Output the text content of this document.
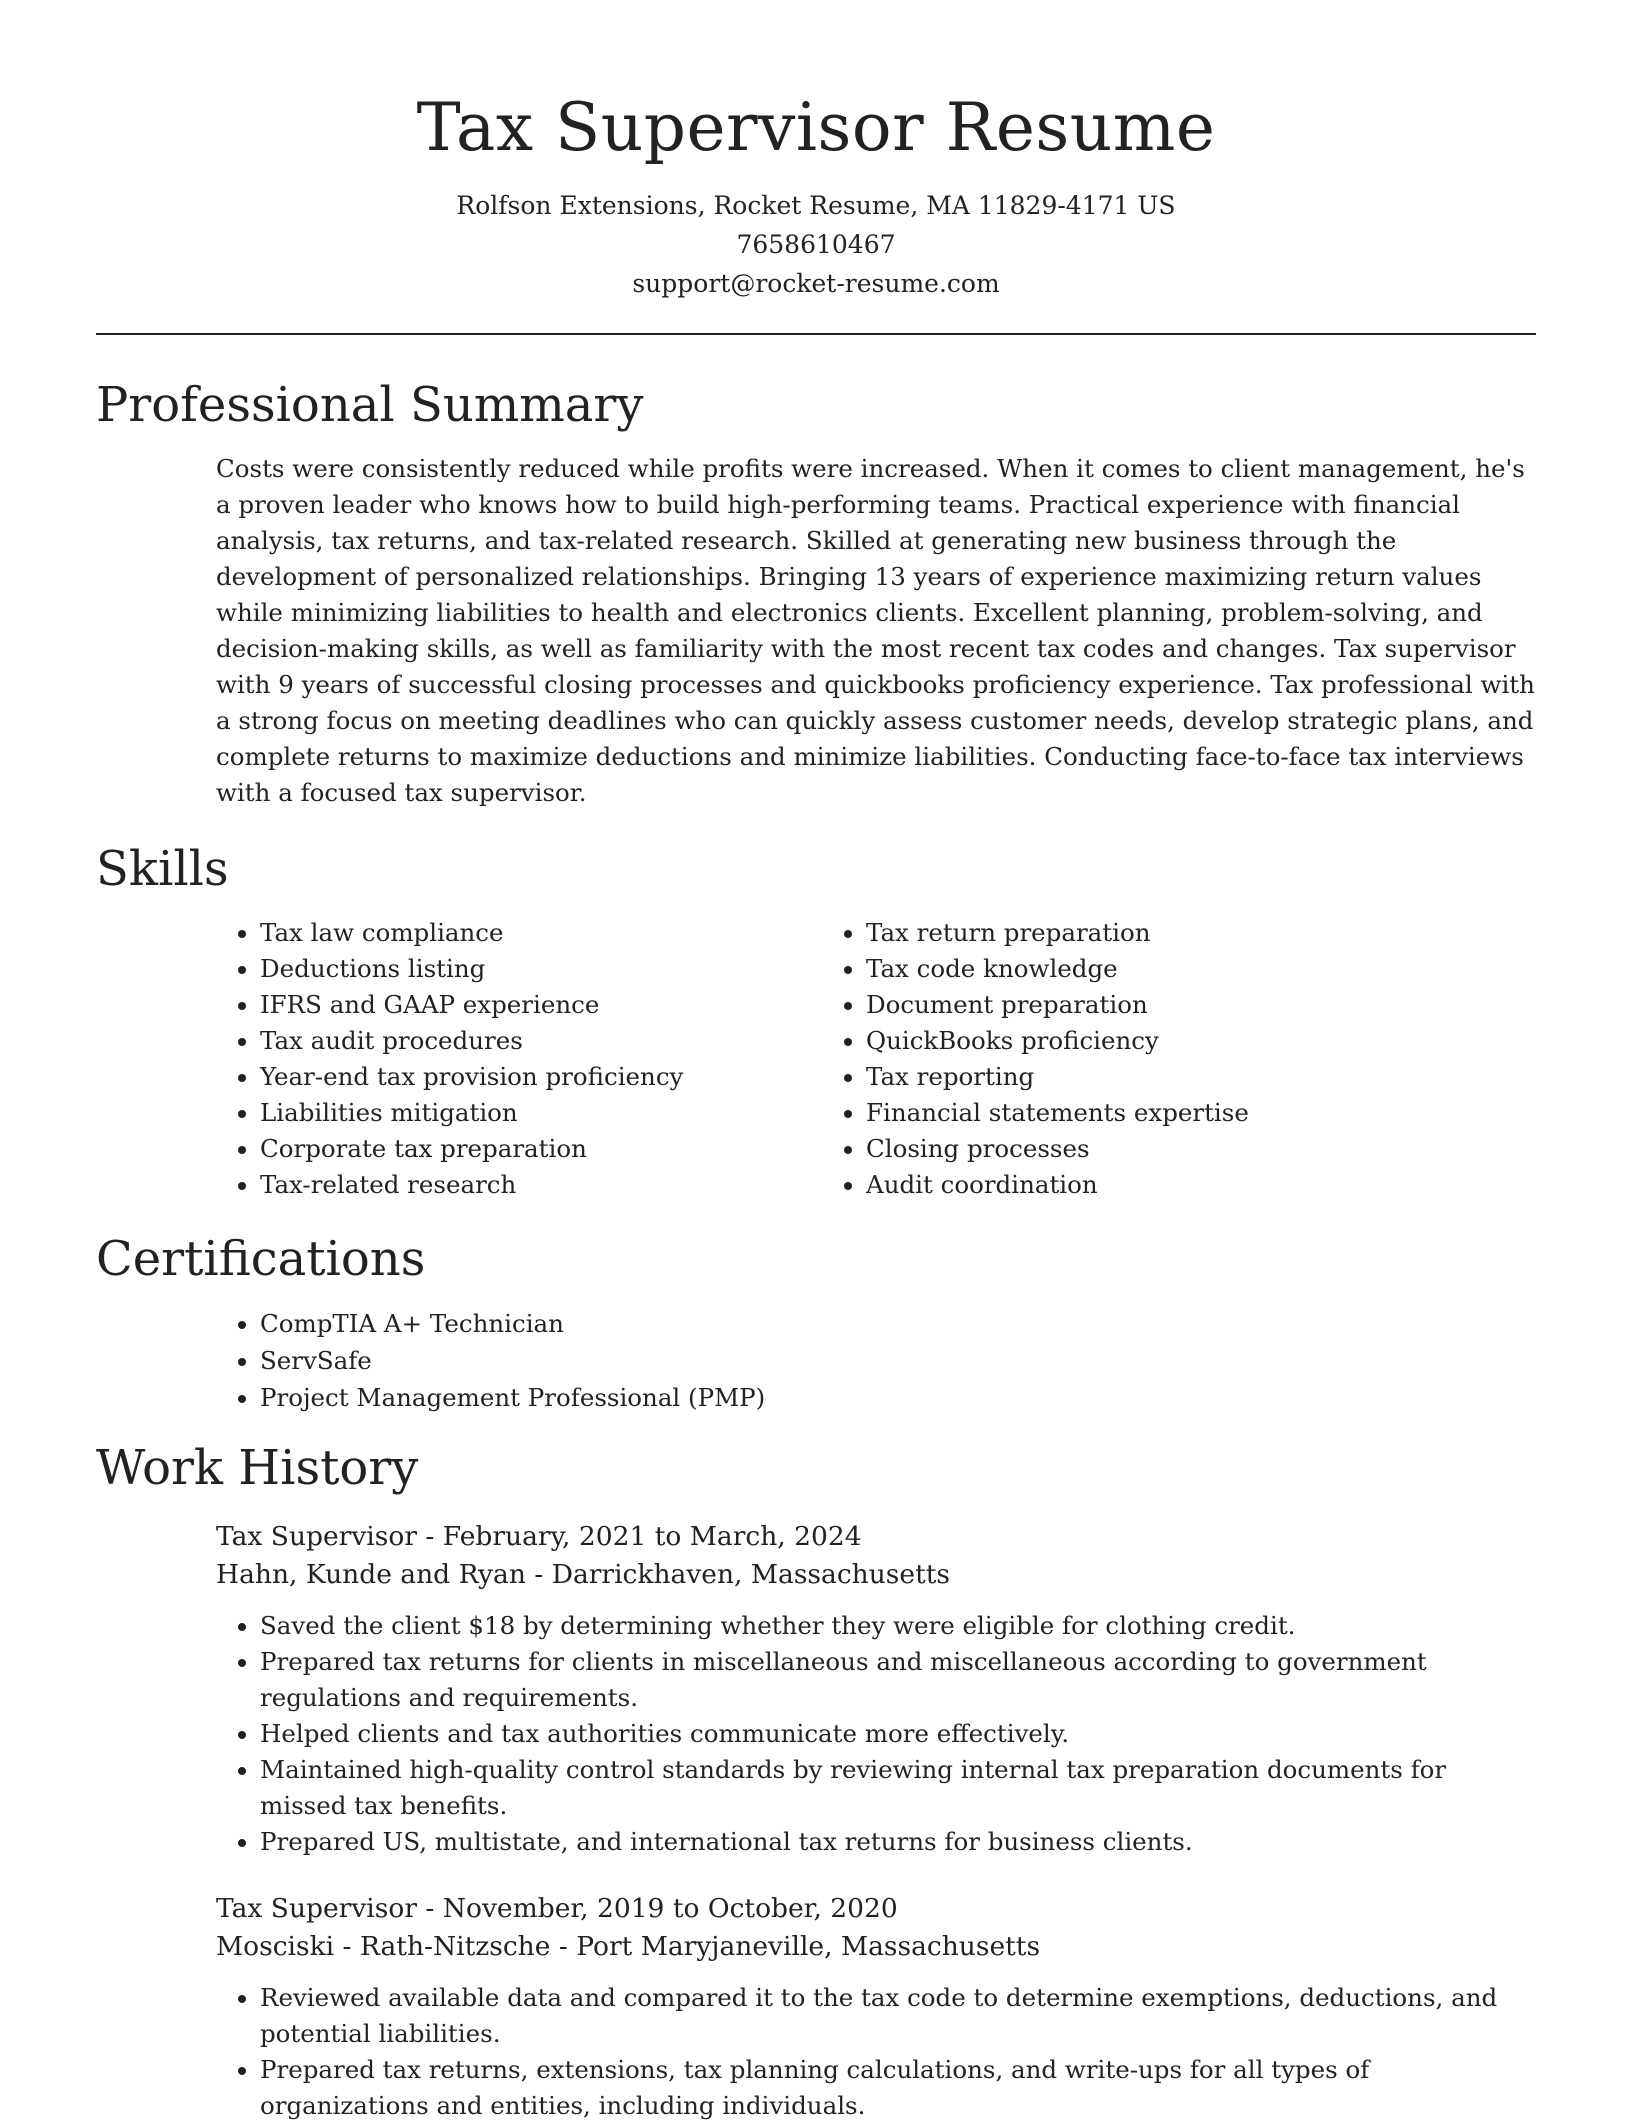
Tax Supervisor Resume
Rolfson Extensions, Rocket Resume, MA 11829-4171 US
7658610467
support@rocket-resume.com
Professional Summary

Costs were consistently reduced while profits were increased. When it comes to client management, he's a proven leader who knows how to build high-performing teams. Practical experience with financial analysis, tax returns, and tax-related research. Skilled at generating new business through the development of personalized relationships. Bringing 13 years of experience maximizing return values while minimizing liabilities to health and electronics clients. Excellent planning, problem-solving, and decision-making skills, as well as familiarity with the most recent tax codes and changes. Tax supervisor with 9 years of successful closing processes and quickbooks proficiency experience. Tax professional with a strong focus on meeting deadlines who can quickly assess customer needs, develop strategic plans, and complete returns to maximize deductions and minimize liabilities. Conducting face-to-face tax interviews with a focused tax supervisor.

Skills
• Tax law compliance
• Deductions listing
• IFRS and GAAP experience
• Tax audit procedures
• Year-end tax provision proficiency
• Liabilities mitigation
• Corporate tax preparation
• Tax-related research
• Tax return preparation
• Tax code knowledge
• Document preparation
• QuickBooks proficiency
• Tax reporting
• Financial statements expertise
• Closing processes
• Audit coordination
Certifications
• CompTIA A+ Technician
• ServSafe
• Project Management Professional (PMP)
Work History
Tax Supervisor - February, 2021 to March, 2024
Hahn, Kunde and Ryan - Darrickhaven, Massachusetts
• Saved the client $18 by determining whether they were eligible for clothing credit.
• Prepared tax returns for clients in miscellaneous and miscellaneous according to government regulations and requirements.
• Helped clients and tax authorities communicate more effectively.
• Maintained high-quality control standards by reviewing internal tax preparation documents for missed tax benefits.
• Prepared US, multistate, and international tax returns for business clients.
Tax Supervisor - November, 2019 to October, 2020
Mosciski - Rath-Nitzsche - Port Maryjaneville, Massachusetts
• Reviewed available data and compared it to the tax code to determine exemptions, deductions, and potential liabilities.
• Prepared tax returns, extensions, tax planning calculations, and write-ups for all types of organizations and entities, including individuals.
